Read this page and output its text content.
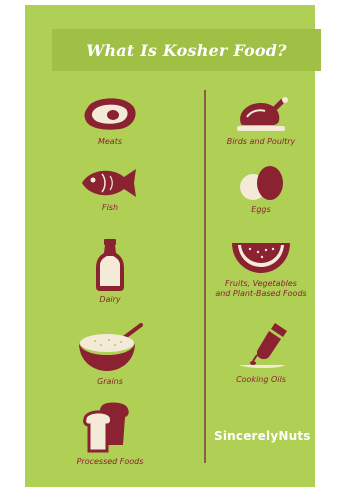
What Is Kosher Food?
Meats	Birds and Poultry
Fish	Eggs
Dairy
Fruits, Vegetables
and Plant-Based Foods
Grains	Cooking Oils
Processed Foods
SincerelyNuts
